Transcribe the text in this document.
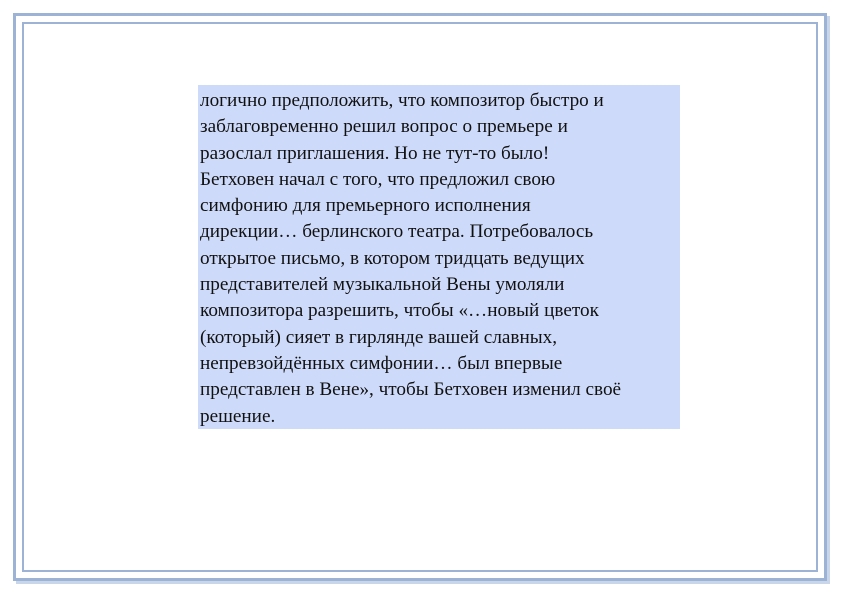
логично предположить, что композитор быстро и
заблаговременно решил вопрос о премьере и
разослал приглашения. Но не тут-то было!
Бетховен начал с того, что предложил свою
симфонию для премьерного исполнения
дирекции… берлинского театра. Потребовалось
открытое письмо, в котором тридцать ведущих
представителей музыкальной Вены умоляли
композитора разрешить, чтобы «…новый цветок
(который) сияет в гирлянде вашей славных,
непревзойдённых симфонии… был впервые
представлен в Вене», чтобы Бетховен изменил своё
решение.
